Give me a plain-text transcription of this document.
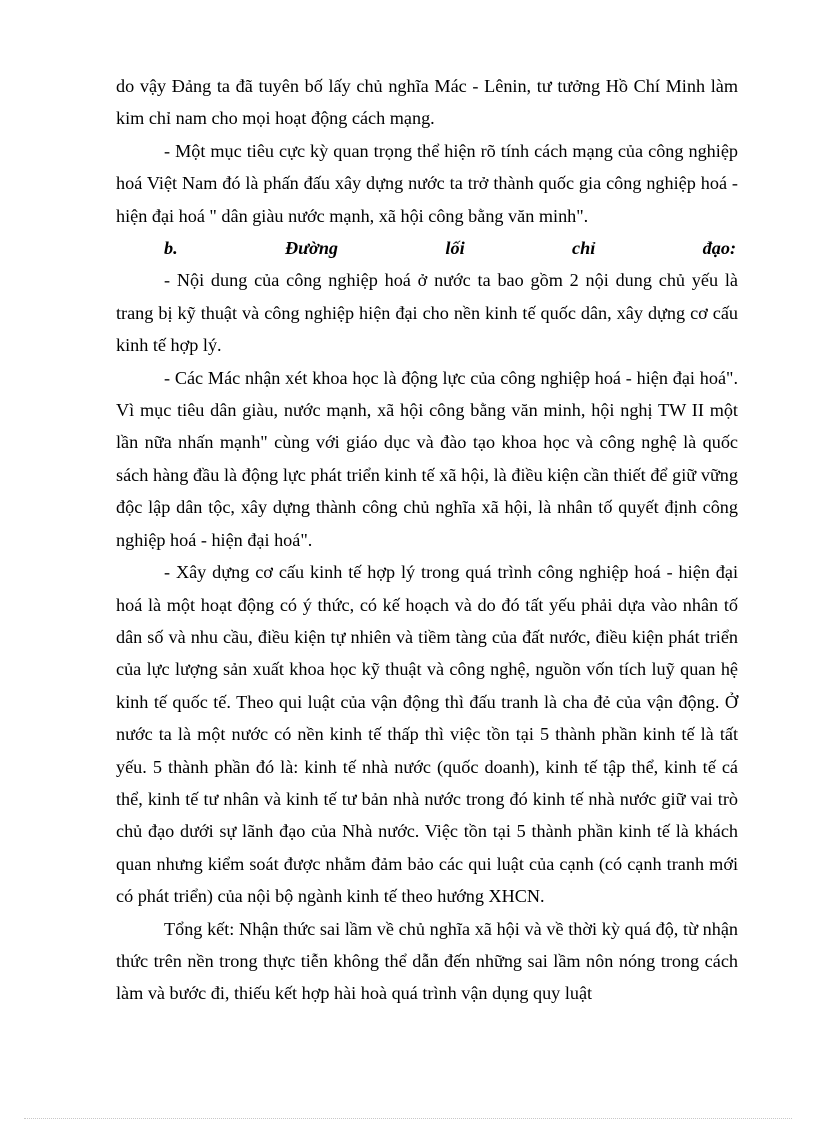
do vậy Đảng ta đã tuyên bố lấy chủ nghĩa Mác - Lênin, tư tưởng Hồ Chí Minh làm kim chỉ nam cho mọi hoạt động cách mạng.

- Một mục tiêu cực kỳ quan trọng thể hiện rõ tính cách mạng của công nghiệp hoá Việt Nam đó là phấn đấu xây dựng nước ta trở thành quốc gia công nghiệp hoá - hiện đại hoá " dân giàu nước mạnh, xã hội công bằng văn minh".

b.	Đường	lối	chỉ	đạo:

- Nội dung của công nghiệp hoá ở nước ta bao gồm 2 nội dung chủ yếu là trang bị kỹ thuật và công nghiệp hiện đại cho nền kinh tế quốc dân, xây dựng cơ cấu kinh tế hợp lý.

- Các Mác nhận xét khoa học là động lực của công nghiệp hoá - hiện đại hoá". Vì mục tiêu dân giàu, nước mạnh, xã hội công bằng văn minh, hội nghị TW II một lần nữa nhấn mạnh" cùng với giáo dục và đào tạo khoa học và công nghệ là quốc sách hàng đầu là động lực phát triển kinh tế xã hội, là điều kiện cần thiết để giữ vững độc lập dân tộc, xây dựng thành công chủ nghĩa xã hội, là nhân tố quyết định công nghiệp hoá - hiện đại hoá".

- Xây dựng cơ cấu kinh tế hợp lý trong quá trình công nghiệp hoá - hiện đại hoá là một hoạt động có ý thức, có kế hoạch và do đó tất yếu phải dựa vào nhân tố dân số và nhu cầu, điều kiện tự nhiên và tiềm tàng của đất nước, điều kiện phát triển của lực lượng sản xuất khoa học kỹ thuật và công nghệ, nguồn vốn tích luỹ quan hệ kinh tế quốc tế. Theo qui luật của vận động thì đấu tranh là cha đẻ của vận động. Ở nước ta là một nước có nền kinh tế thấp thì việc tồn tại 5 thành phần kinh tế là tất yếu. 5 thành phần đó là: kinh tế nhà nước (quốc doanh), kinh tế tập thể, kinh tế cá thể, kinh tế tư nhân và kinh tế tư bản nhà nước trong đó kinh tế nhà nước giữ vai trò chủ đạo dưới sự lãnh đạo của Nhà nước. Việc tồn tại 5 thành phần kinh tế là khách quan nhưng kiểm soát được nhằm đảm bảo các qui luật của cạnh (có cạnh tranh mới có phát triển) của nội bộ ngành kinh tế theo hướng XHCN.

Tổng kết: Nhận thức sai lầm về chủ nghĩa xã hội và về thời kỳ quá độ, từ nhận thức trên nền trong thực tiễn không thể dẫn đến những sai lầm nôn nóng trong cách làm và bước đi, thiếu kết hợp hài hoà quá trình vận dụng quy luật
